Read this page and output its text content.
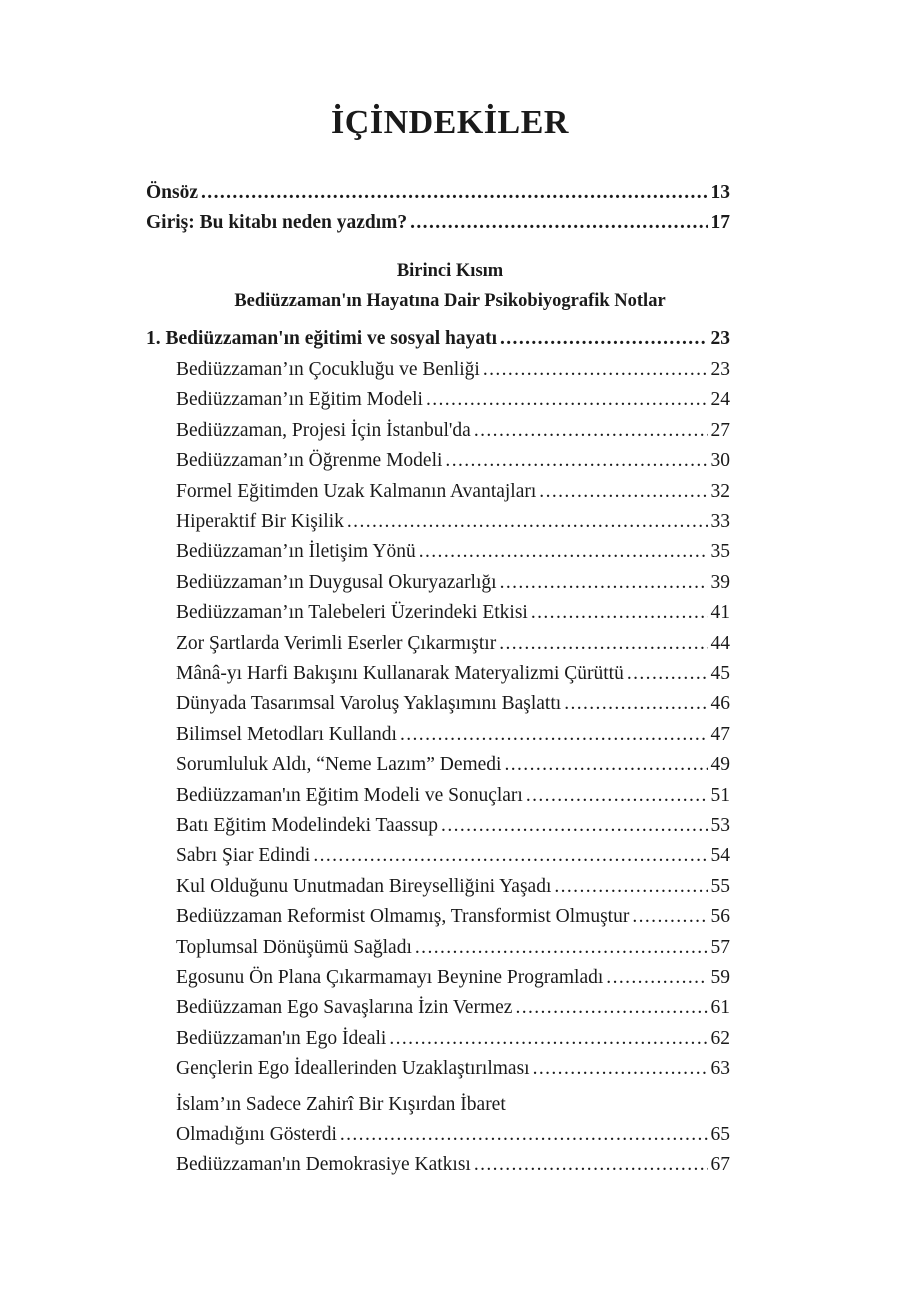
İÇİNDEKİLER
Önsöz .....	13
Giriş: Bu kitabı neden yazdım? .....	17
Birinci Kısım
Bediüzzaman'ın Hayatına Dair Psikobiyografik Notlar
1. Bediüzzaman'ın eğitimi ve sosyal hayatı .....	23
Bediüzzaman’ın Çocukluğu ve Benliği .....	23
Bediüzzaman’ın Eğitim Modeli .....	24
Bediüzzaman, Projesi İçin İstanbul'da .....	27
Bediüzzaman’ın Öğrenme Modeli .....	30
Formel Eğitimden Uzak Kalmanın Avantajları .....	32
Hiperaktif Bir Kişilik .....	33
Bediüzzaman’ın İletişim Yönü .....	35
Bediüzzaman’ın Duygusal Okuryazarlığı .....	39
Bediüzzaman’ın Talebeleri Üzerindeki Etkisi .....	41
Zor Şartlarda Verimli Eserler Çıkarmıştır .....	44
Mânâ-yı Harfi Bakışını Kullanarak Materyalizmi Çürüttü .....	45
Dünyada Tasarımsal Varoluş Yaklaşımını Başlattı .....	46
Bilimsel Metodları Kullandı .....	47
Sorumluluk Aldı, “Neme Lazım” Demedi .....	49
Bediüzzaman'ın Eğitim Modeli ve Sonuçları .....	51
Batı Eğitim Modelindeki Taassup .....	53
Sabrı Şiar Edindi .....	54
Kul Olduğunu Unutmadan Bireyselliğini Yaşadı .....	55
Bediüzzaman Reformist Olmamış, Transformist Olmuştur .....	56
Toplumsal Dönüşümü Sağladı .....	57
Egosunu Ön Plana Çıkarmamayı Beynine Programladı .....	59
Bediüzzaman Ego Savaşlarına İzin Vermez .....	61
Bediüzzaman'ın Ego İdeali .....	62
Gençlerin Ego İdeallerinden Uzaklaştırılması .....	63
İslam’ın Sadece Zahirî Bir Kışırdan İbaret
Olmadığını Gösterdi .....	65
Bediüzzaman'ın Demokrasiye Katkısı .....	67
